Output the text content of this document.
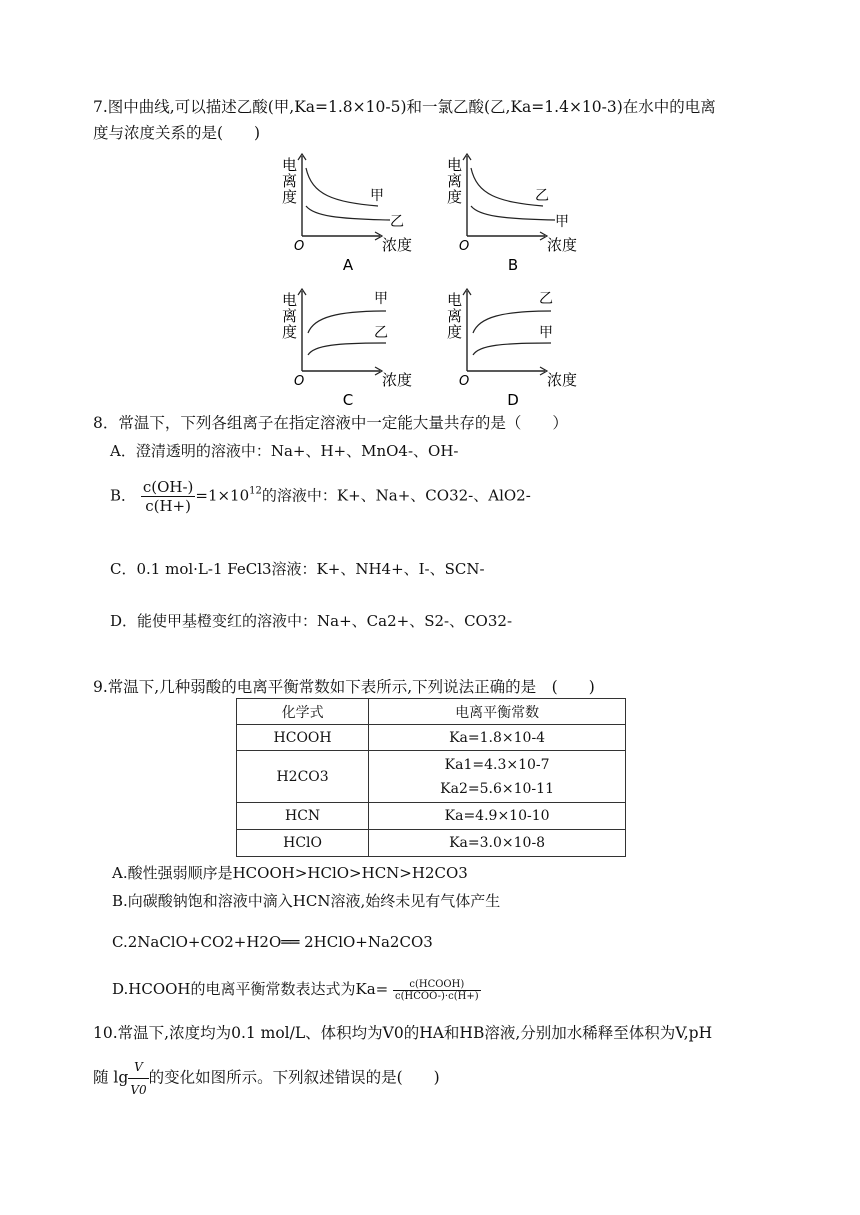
7.图中曲线,可以描述乙酸(甲,Ka=1.8×10-5)和一氯乙酸(乙,Ka=1.4×10-3)在水中的电离
度与浓度关系的是(　　)
电
离
度
O	浓度
甲
乙
A
电
离
度
O	浓度
乙
甲
B
电
离
度
O	浓度
甲
乙
C
电
离
度
O	浓度
乙
甲
D
8．常温下，下列各组离子在指定溶液中一定能大量共存的是（　　）
A．澄清透明的溶液中：Na+、H+、MnO4-、OH-
B． $\frac{c(OH-)}{c(H+)} =1\times 10^{12}$的溶液中：K+、Na+、CO32-、AlO2-
C．0.1 mol·L-1 FeCl3溶液：K+、NH4+、I-、SCN-
D．能使甲基橙变红的溶液中：Na+、Ca2+、S2-、CO32-
9.常温下,几种弱酸的电离平衡常数如下表所示,下列说法正确的是　(　　)
化学式	电离平衡常数
HCOOH	Ka=1.8×10-4
H2CO3	Ka1=4.3×10-7
Ka2=5.6×10-11

HCN	Ka=4.9×10-10
HClO	Ka=3.0×10-8
A.酸性强弱顺序是HCOOH>HClO>HCN>H2CO3
B.向碳酸钠饱和溶液中滴入HCN溶液,始终未见有气体产生
C.2NaClO+CO2+H2O══ 2HClO+Na2CO3
D.HCOOH的电离平衡常数表达式为$Ka= \frac{\text{c(HCOOH)}}{\text{c(HCOO-)·c(H+)}}$
10.常温下,浓度均为0.1 mol/L、体积均为V0的HA和HB溶液,分别加水稀释至体积为V,pH
随 $\lg \frac{V}{V0}$ 的变化如图所示。下列叙述错误的是(　　)
